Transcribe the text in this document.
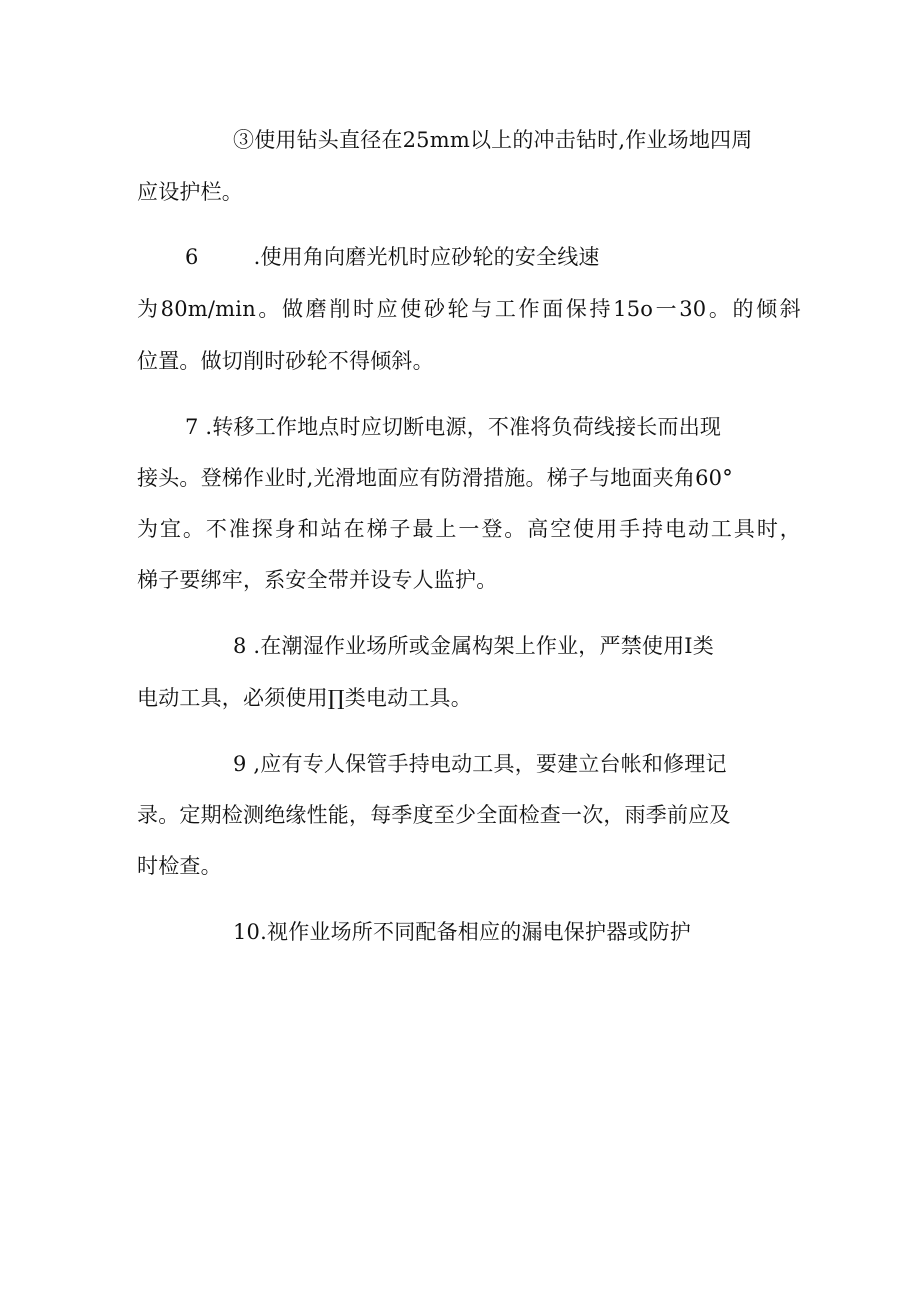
③使用钻头直径在25mm以上的冲击钻时,作业场地四周
应设护栏。
6        .使用角向磨光机时应砂轮的安全线速
为80m/min。做磨削时应使砂轮与工作面保持15o一30。的倾斜
位置。做切削时砂轮不得倾斜。
7 .转移工作地点时应切断电源，不准将负荷线接长而出现
接头。登梯作业时,光滑地面应有防滑措施。梯子与地面夹角60°
为宜。不准探身和站在梯子最上一登。高空使用手持电动工具时，
梯子要绑牢，系安全带并设专人监护。
8 .在潮湿作业场所或金属构架上作业，严禁使用I类
电动工具，必须使用∏类电动工具。
9 ,应有专人保管手持电动工具，要建立台帐和修理记
录。定期检测绝缘性能，每季度至少全面检查一次，雨季前应及
时检查。
10.视作业场所不同配备相应的漏电保护器或防护
